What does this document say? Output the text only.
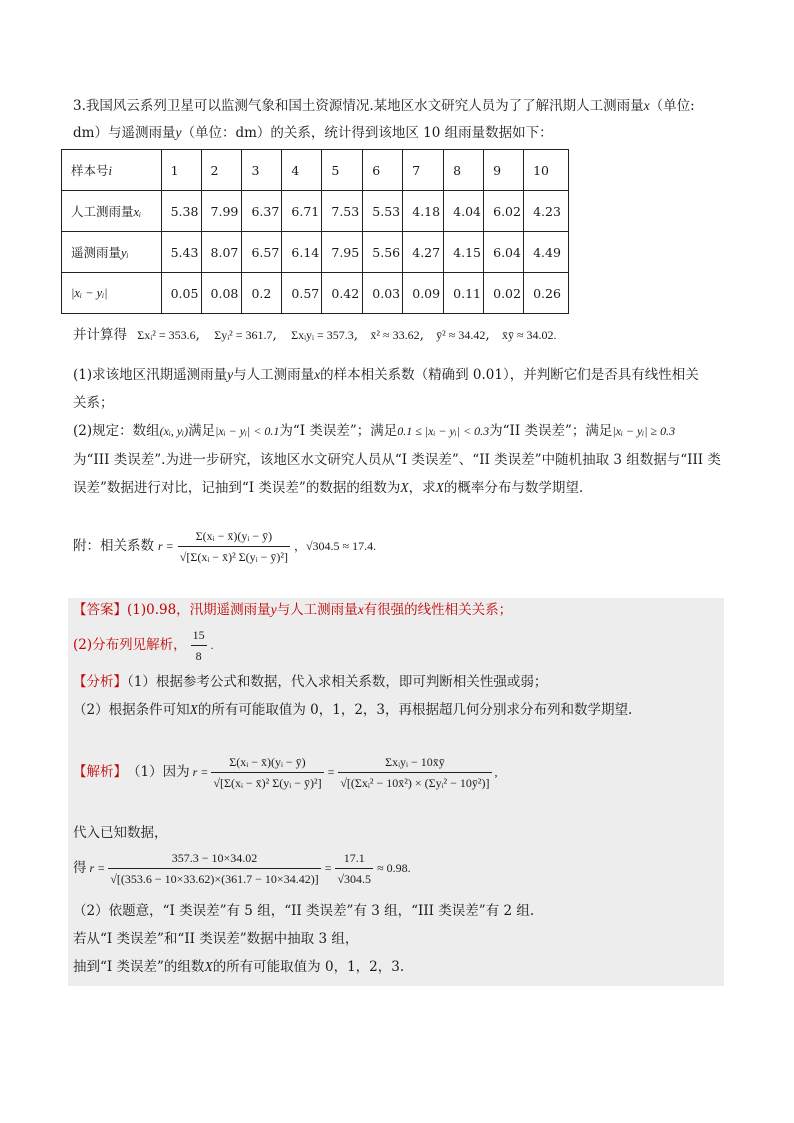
3.我国风云系列卫星可以监测气象和国土资源情况.某地区水文研究人员为了了解汛期人工测雨量x（单位:
dm）与遥测雨量y（单位：dm）的关系，统计得到该地区 10 组雨量数据如下：
样本号i	1	2	3	4	5	6	7	8	9	10
人工测雨量xᵢ	5.38	7.99	6.37	6.71	7.53	5.53	4.18	4.04	6.02	4.23
遥测雨量yᵢ	5.43	8.07	6.57	6.14	7.95	5.56	4.27	4.15	6.04	4.49
|xᵢ − yᵢ|	0.05	0.08	0.2	0.57	0.42	0.03	0.09	0.11	0.02	0.26
并计算得 Σxᵢ² = 353.6, Σyᵢ² = 361.7, Σxᵢyᵢ = 357.3, x̄² ≈ 33.62, ȳ² ≈ 34.42, x̄ȳ ≈ 34.02.
(1)求该地区汛期遥测雨量y与人工测雨量x的样本相关系数（精确到 0.01），并判断它们是否具有线性相关
关系；
(2)规定：数组(xᵢ, yᵢ)满足|xᵢ − yᵢ| < 0.1为“I 类误差”；满足0.1 ≤ |xᵢ − yᵢ| < 0.3为“II 类误差”；满足|xᵢ − yᵢ| ≥ 0.3
为“III 类误差”.为进一步研究，该地区水文研究人员从“I 类误差”、“II 类误差”中随机抽取 3 组数据与“III 类
误差”数据进行对比，记抽到“I 类误差”的数据的组数为X，求X的概率分布与数学期望.
附：相关系数 $r = \frac{\text{Σ(xᵢ − x̄)(yᵢ − ȳ)}}{\text{√[Σ(xᵢ − x̄)² Σ(yᵢ − ȳ)²]}}$ ，√304.5 ≈ 17.4.
【答案】(1)0.98，汛期遥测雨量y与人工测雨量x有很强的线性相关关系；
(2)分布列见解析， $\frac{15}{8}$ .
【分析】（1）根据参考公式和数据，代入求相关系数，即可判断相关性强或弱；
（2）根据条件可知X的所有可能取值为 0，1，2，3，再根据超几何分别求分布列和数学期望.
【解析】 （1）因为 $r = \frac{\text{Σ(xᵢ − x̄)(yᵢ − ȳ)}}{\text{√[Σ(xᵢ − x̄)² Σ(yᵢ − ȳ)²]}} = \frac{\text{Σxᵢyᵢ − 10x̄ȳ}}{\text{√[(Σxᵢ² − 10x̄²) × (Σyᵢ² − 10ȳ²)]}}$ ,
代入已知数据，
得 $r = \frac{357.3 - 10\times 34.02}{√[(353.6 - 10\times 33.62)\times(361.7 - 10\times 34.42)]} = \frac{17.1}{√304.5} \approx 0.98$.
（2）依题意，“I 类误差”有 5 组，“II 类误差”有 3 组，“III 类误差”有 2 组.
若从“I 类误差”和“II 类误差”数据中抽取 3 组，
抽到“I 类误差”的组数X的所有可能取值为 0，1，2，3.
